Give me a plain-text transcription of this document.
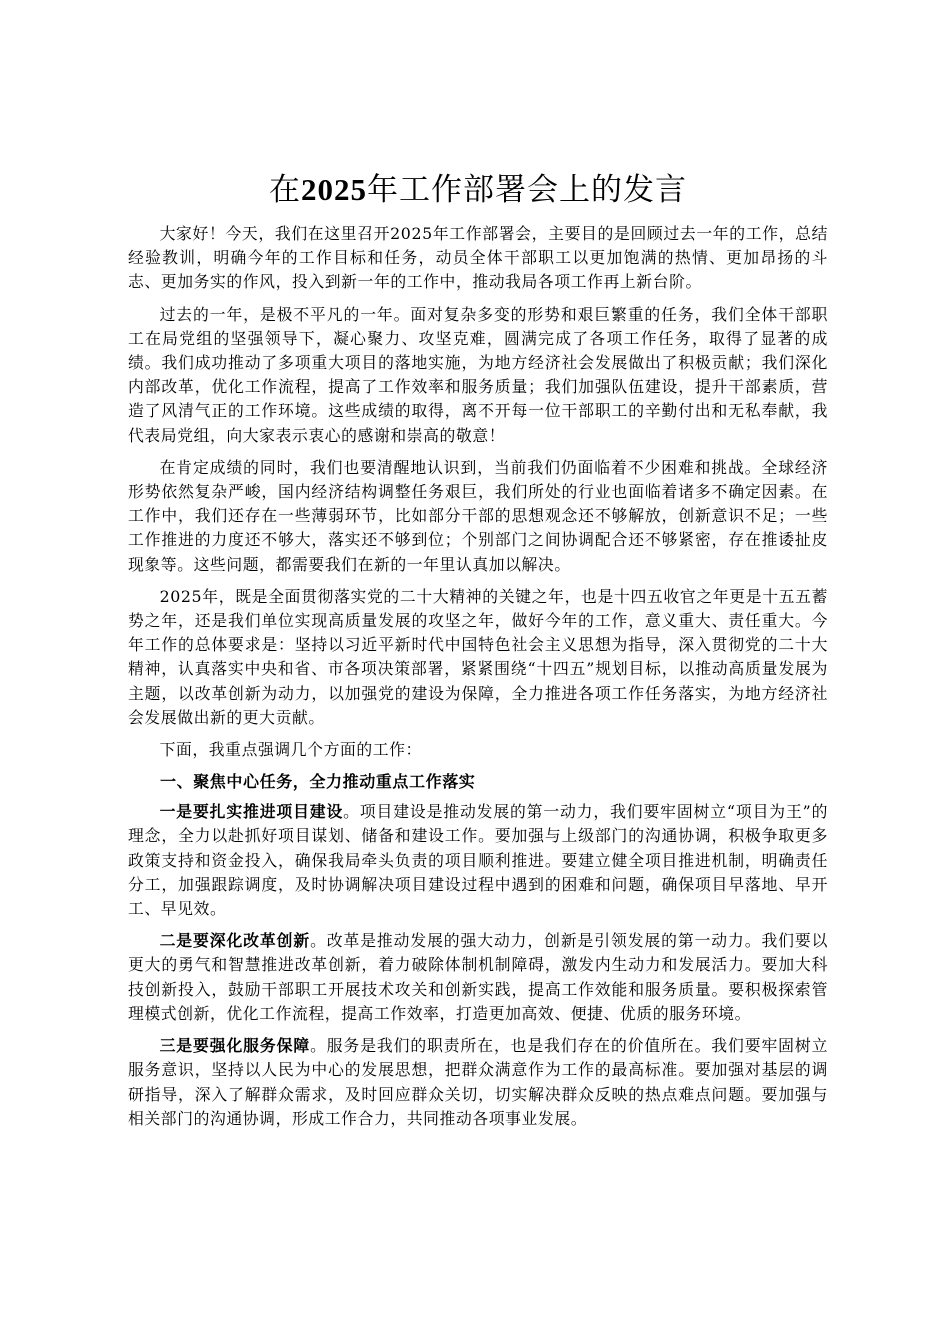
在2025年工作部署会上的发言

大家好！今天，我们在这里召开2025年工作部署会，主要目的是回顾过去一年的工作，总结经验教训，明确今年的工作目标和任务，动员全体干部职工以更加饱满的热情、更加昂扬的斗志、更加务实的作风，投入到新一年的工作中，推动我局各项工作再上新台阶。

过去的一年，是极不平凡的一年。面对复杂多变的形势和艰巨繁重的任务，我们全体干部职工在局党组的坚强领导下，凝心聚力、攻坚克难，圆满完成了各项工作任务，取得了显著的成绩。我们成功推动了多项重大项目的落地实施，为地方经济社会发展做出了积极贡献；我们深化内部改革，优化工作流程，提高了工作效率和服务质量；我们加强队伍建设，提升干部素质，营造了风清气正的工作环境。这些成绩的取得，离不开每一位干部职工的辛勤付出和无私奉献，我代表局党组，向大家表示衷心的感谢和崇高的敬意！

在肯定成绩的同时，我们也要清醒地认识到，当前我们仍面临着不少困难和挑战。全球经济形势依然复杂严峻，国内经济结构调整任务艰巨，我们所处的行业也面临着诸多不确定因素。在工作中，我们还存在一些薄弱环节，比如部分干部的思想观念还不够解放，创新意识不足；一些工作推进的力度还不够大，落实还不够到位；个别部门之间协调配合还不够紧密，存在推诿扯皮现象等。这些问题，都需要我们在新的一年里认真加以解决。

2025年，既是全面贯彻落实党的二十大精神的关键之年，也是十四五收官之年更是十五五蓄势之年，还是我们单位实现高质量发展的攻坚之年，做好今年的工作，意义重大、责任重大。今年工作的总体要求是：坚持以习近平新时代中国特色社会主义思想为指导，深入贯彻党的二十大精神，认真落实中央和省、市各项决策部署，紧紧围绕“十四五”规划目标，以推动高质量发展为主题，以改革创新为动力，以加强党的建设为保障，全力推进各项工作任务落实，为地方经济社会发展做出新的更大贡献。

下面，我重点强调几个方面的工作：

一、聚焦中心任务，全力推动重点工作落实

一是要扎实推进项目建设。项目建设是推动发展的第一动力，我们要牢固树立“项目为王”的理念，全力以赴抓好项目谋划、储备和建设工作。要加强与上级部门的沟通协调，积极争取更多政策支持和资金投入，确保我局牵头负责的项目顺利推进。要建立健全项目推进机制，明确责任分工，加强跟踪调度，及时协调解决项目建设过程中遇到的困难和问题，确保项目早落地、早开工、早见效。

二是要深化改革创新。改革是推动发展的强大动力，创新是引领发展的第一动力。我们要以更大的勇气和智慧推进改革创新，着力破除体制机制障碍，激发内生动力和发展活力。要加大科技创新投入，鼓励干部职工开展技术攻关和创新实践，提高工作效能和服务质量。要积极探索管理模式创新，优化工作流程，提高工作效率，打造更加高效、便捷、优质的服务环境。

三是要强化服务保障。服务是我们的职责所在，也是我们存在的价值所在。我们要牢固树立服务意识，坚持以人民为中心的发展思想，把群众满意作为工作的最高标准。要加强对基层的调研指导，深入了解群众需求，及时回应群众关切，切实解决群众反映的热点难点问题。要加强与相关部门的沟通协调，形成工作合力，共同推动各项事业发展。
